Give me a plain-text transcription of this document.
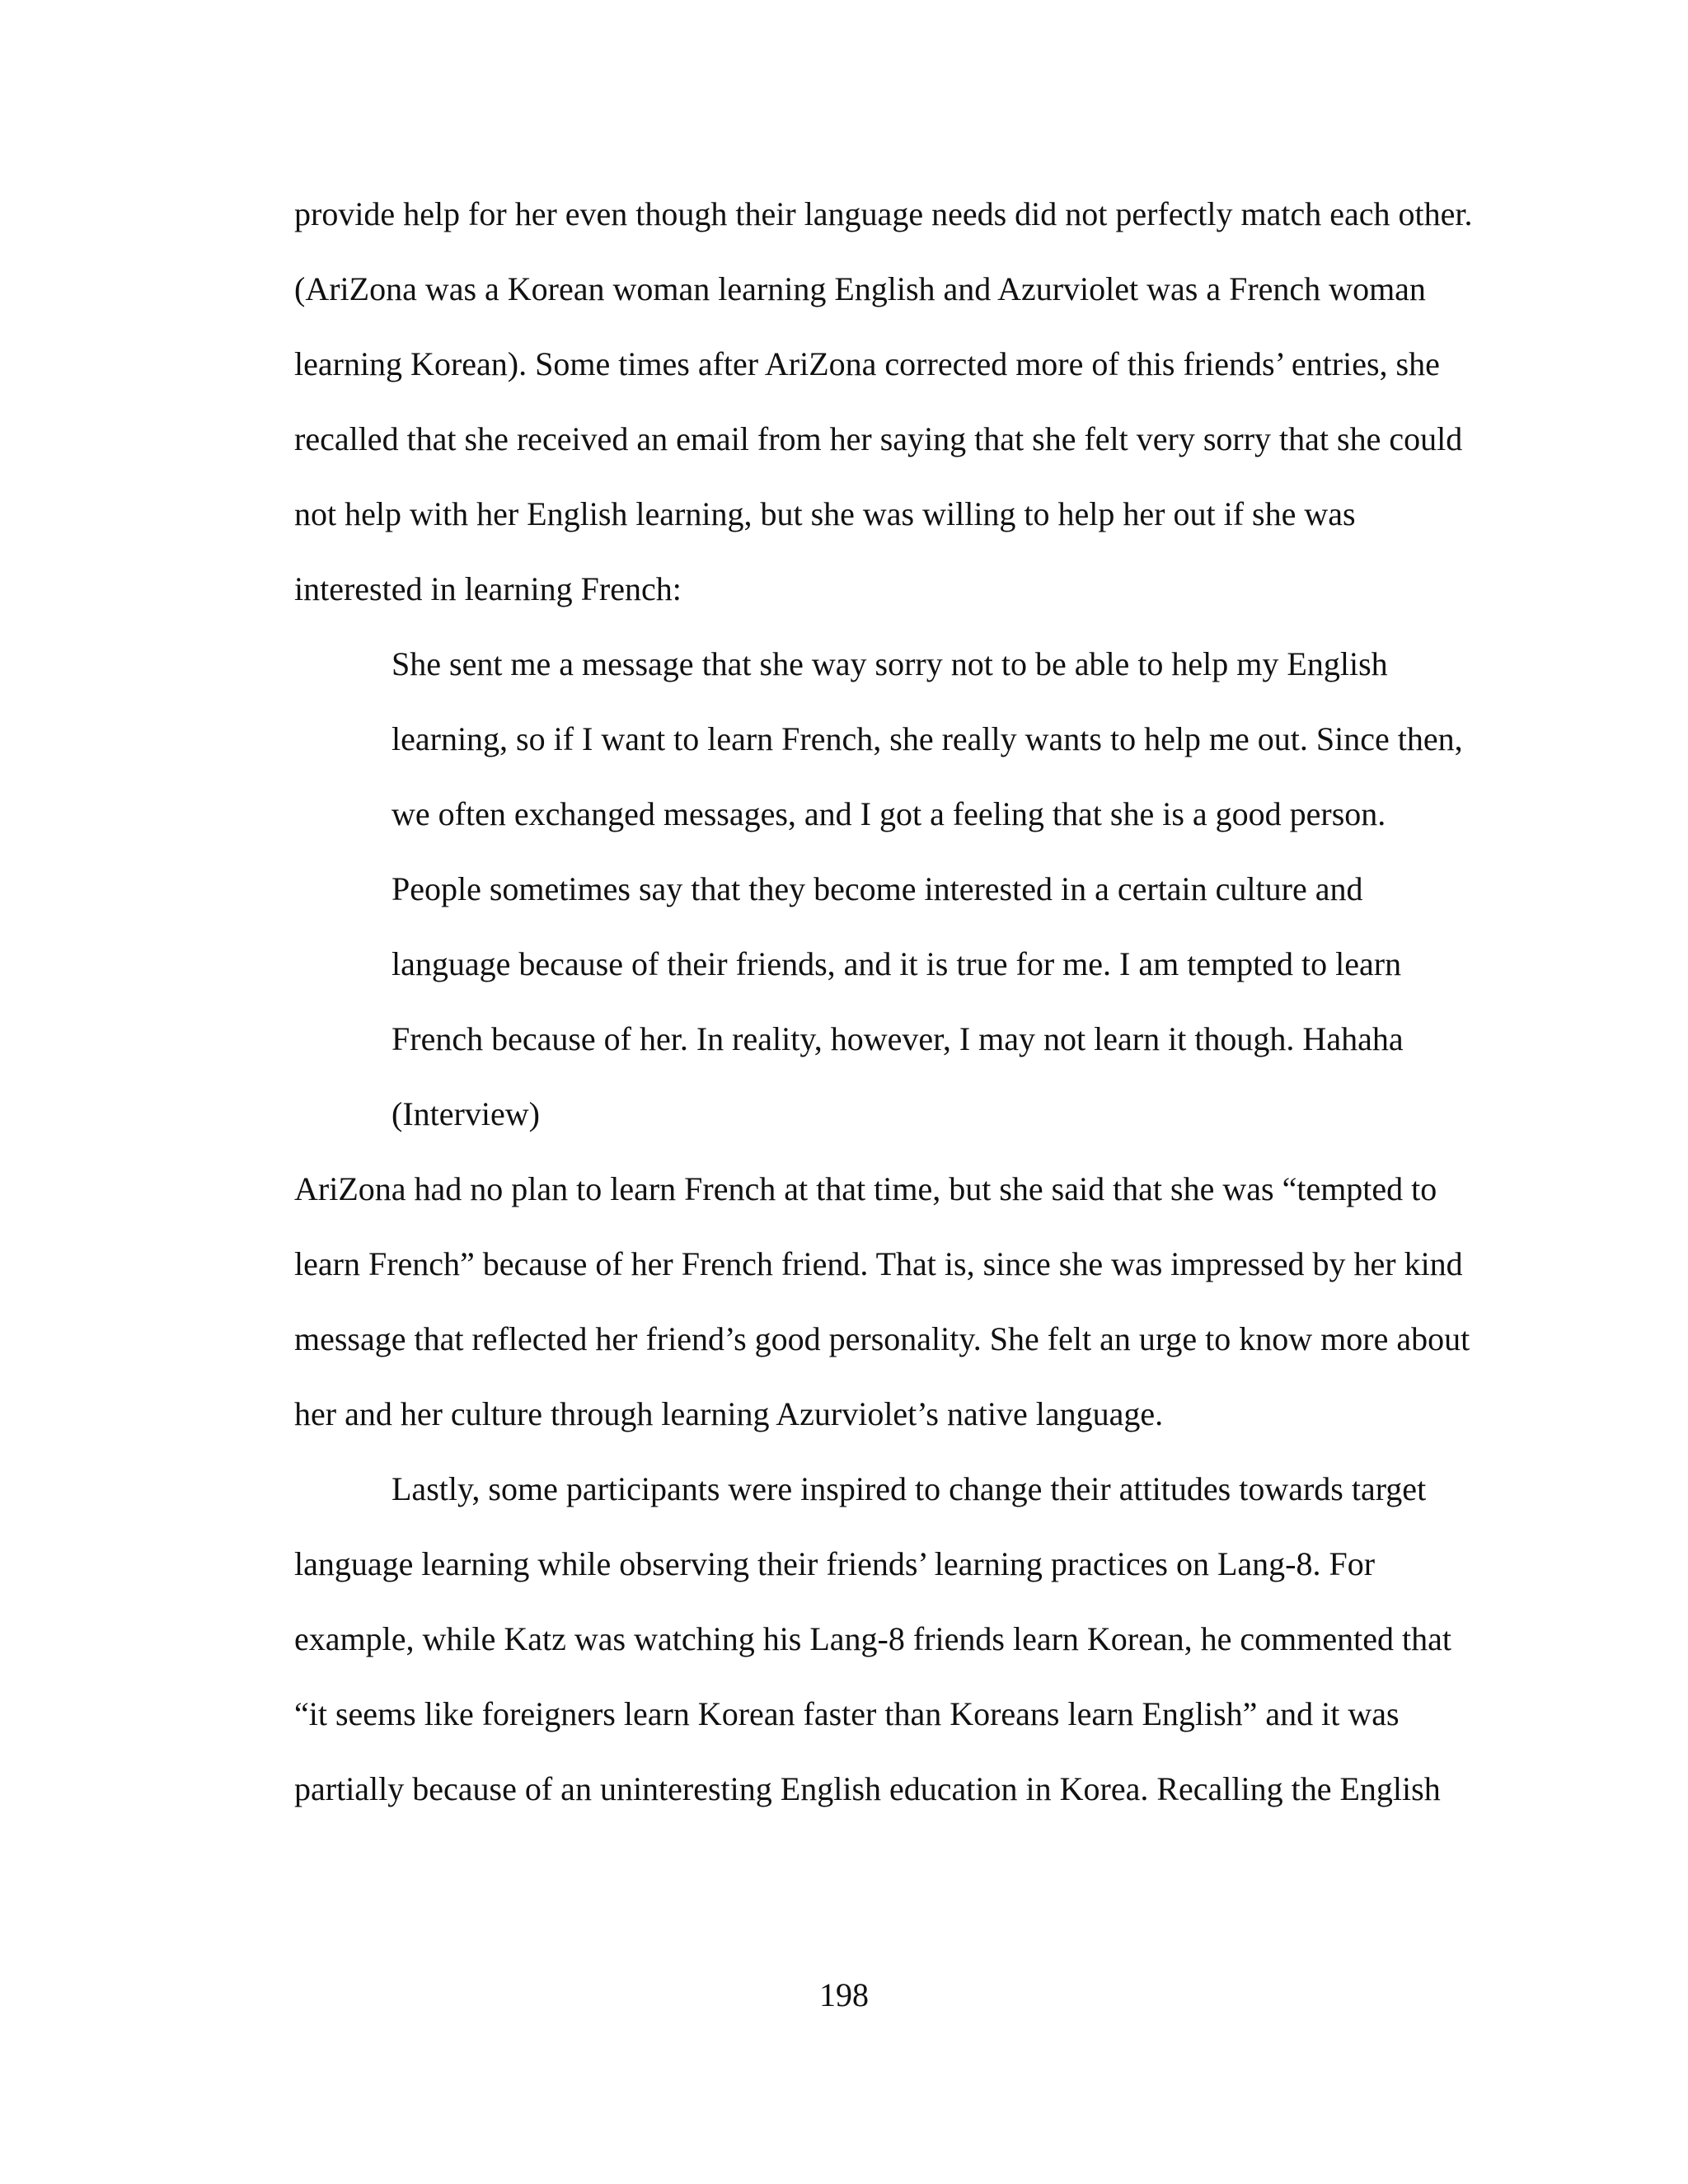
provide help for her even though their language needs did not perfectly match each other.

(AriZona was a Korean woman learning English and Azurviolet was a French woman

learning Korean). Some times after AriZona corrected more of this friends’ entries, she

recalled that she received an email from her saying that she felt very sorry that she could

not help with her English learning, but she was willing to help her out if she was

interested in learning French:

She sent me a message that she way sorry not to be able to help my English

learning, so if I want to learn French, she really wants to help me out. Since then,

we often exchanged messages, and I got a feeling that she is a good person.

People sometimes say that they become interested in a certain culture and

language because of their friends, and it is true for me. I am tempted to learn

French because of her. In reality, however, I may not learn it though. Hahaha

(Interview)

AriZona had no plan to learn French at that time, but she said that she was “tempted to

learn French” because of her French friend. That is, since she was impressed by her kind

message that reflected her friend’s good personality. She felt an urge to know more about

her and her culture through learning Azurviolet’s native language.

Lastly, some participants were inspired to change their attitudes towards target

language learning while observing their friends’ learning practices on Lang-8. For

example, while Katz was watching his Lang-8 friends learn Korean, he commented that

“it seems like foreigners learn Korean faster than Koreans learn English” and it was

partially because of an uninteresting English education in Korea. Recalling the English

198
